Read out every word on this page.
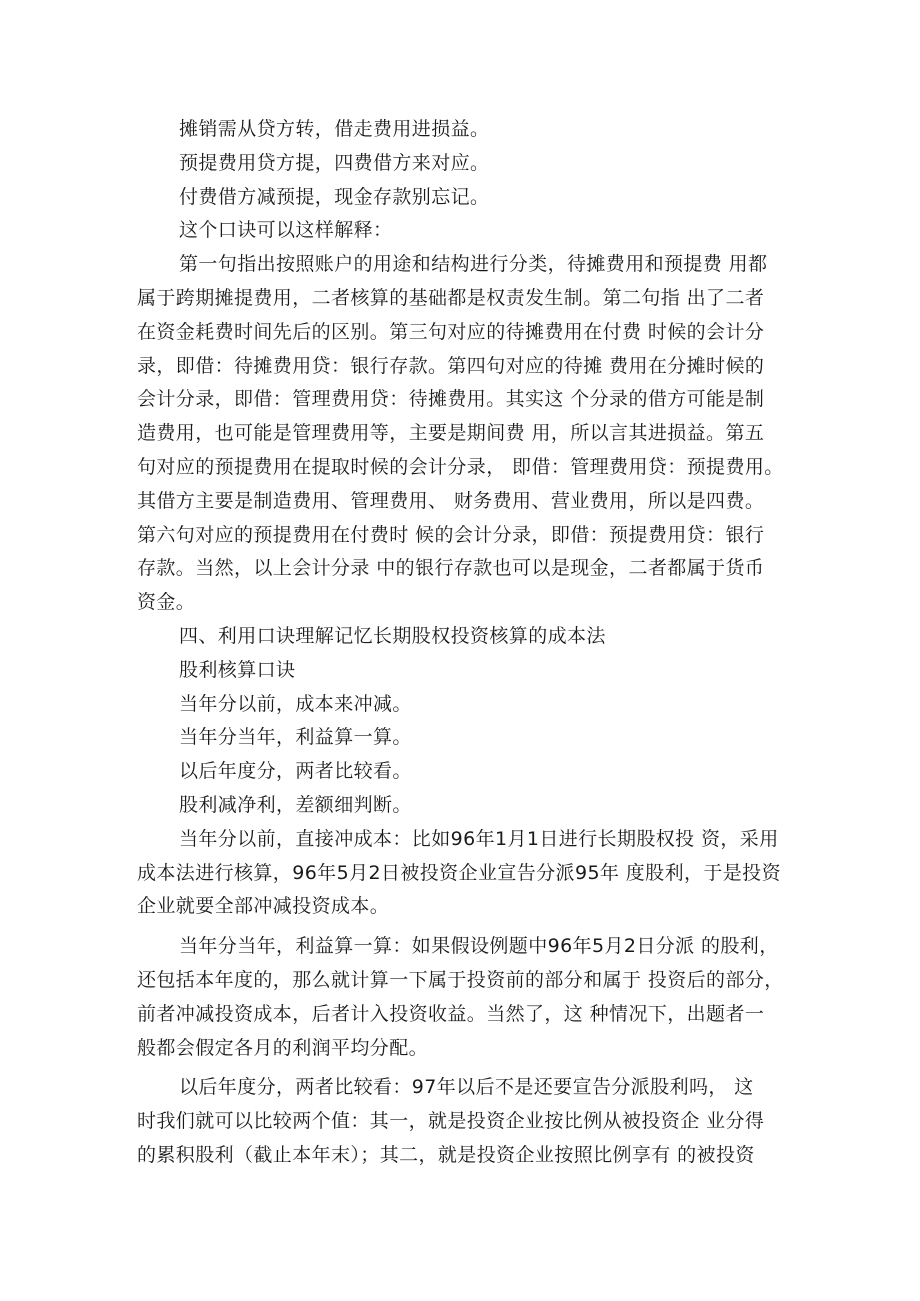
摊销需从贷方转，借走费用进损益。
预提费用贷方提，四费借方来对应。
付费借方减预提，现金存款别忘记。
这个口诀可以这样解释：
第一句指出按照账户的用途和结构进行分类，待摊费用和预提费 用都
属于跨期摊提费用，二者核算的基础都是权责发生制。第二句指 出了二者
在资金耗费时间先后的区别。第三句对应的待摊费用在付费 时候的会计分
录，即借：待摊费用贷：银行存款。第四句对应的待摊 费用在分摊时候的
会计分录，即借：管理费用贷：待摊费用。其实这 个分录的借方可能是制
造费用，也可能是管理费用等，主要是期间费 用，所以言其进损益。第五
句对应的预提费用在提取时候的会计分录， 即借：管理费用贷：预提费用。
其借方主要是制造费用、管理费用、 财务费用、营业费用，所以是四费。
第六句对应的预提费用在付费时 候的会计分录，即借：预提费用贷：银行
存款。当然，以上会计分录 中的银行存款也可以是现金，二者都属于货币
资金。
四、利用口诀理解记忆长期股权投资核算的成本法
股利核算口诀
当年分以前，成本来冲减。
当年分当年，利益算一算。
以后年度分，两者比较看。
股利减净利，差额细判断。
当年分以前，直接冲成本：比如96年1月1日进行长期股权投 资，采用
成本法进行核算，96年5月2日被投资企业宣告分派95年 度股利，于是投资
企业就要全部冲减投资成本。
当年分当年，利益算一算：如果假设例题中96年5月2日分派 的股利，
还包括本年度的，那么就计算一下属于投资前的部分和属于 投资后的部分，
前者冲减投资成本，后者计入投资收益。当然了，这 种情况下，出题者一
般都会假定各月的利润平均分配。
以后年度分，两者比较看：97年以后不是还要宣告分派股利吗， 这
时我们就可以比较两个值：其一，就是投资企业按比例从被投资企 业分得
的累积股利（截止本年末）；其二，就是投资企业按照比例享有 的被投资
